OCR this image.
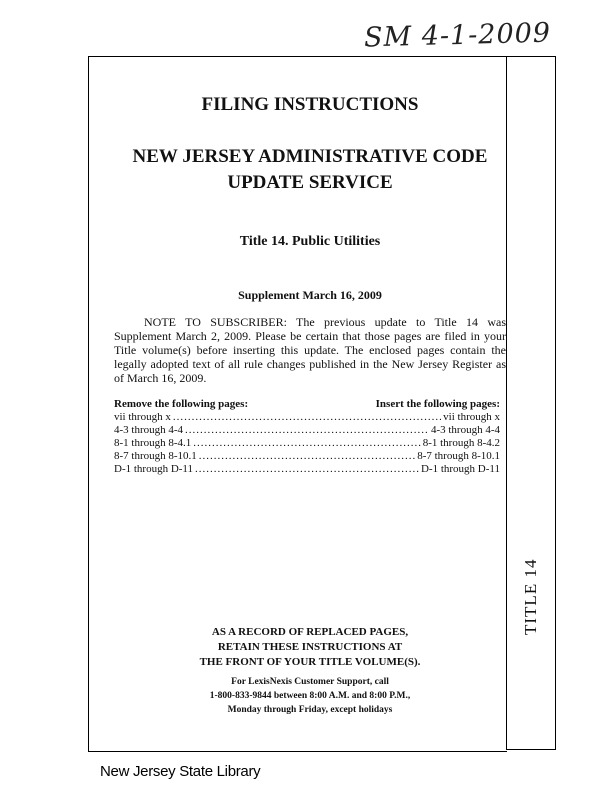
SM 4-1-2009
TITLE 14
FILING INSTRUCTIONS
NEW JERSEY ADMINISTRATIVE CODE
UPDATE SERVICE
Title 14. Public Utilities
Supplement March 16, 2009

NOTE TO SUBSCRIBER: The previous update to Title 14 was Supplement March 2, 2009. Please be certain that those pages are filed in your Title volume(s) before inserting this update. The enclosed pages contain the legally adopted text of all rule changes published in the New Jersey Register as of March 16, 2009.

Remove the following pages:	Insert the following pages:
vii through x .....	vii through x
4-3 through 4-4 .....	4-3 through 4-4
8-1 through 8-4.1 .....	8-1 through 8-4.2
8-7 through 8-10.1 .....	8-7 through 8-10.1
D-1 through D-11 .....	D-1 through D-11
AS A RECORD OF REPLACED PAGES,
RETAIN THESE INSTRUCTIONS AT
THE FRONT OF YOUR TITLE VOLUME(S).
For LexisNexis Customer Support, call
1-800-833-9844 between 8:00 A.M. and 8:00 P.M.,
Monday through Friday, except holidays
New Jersey State Library
